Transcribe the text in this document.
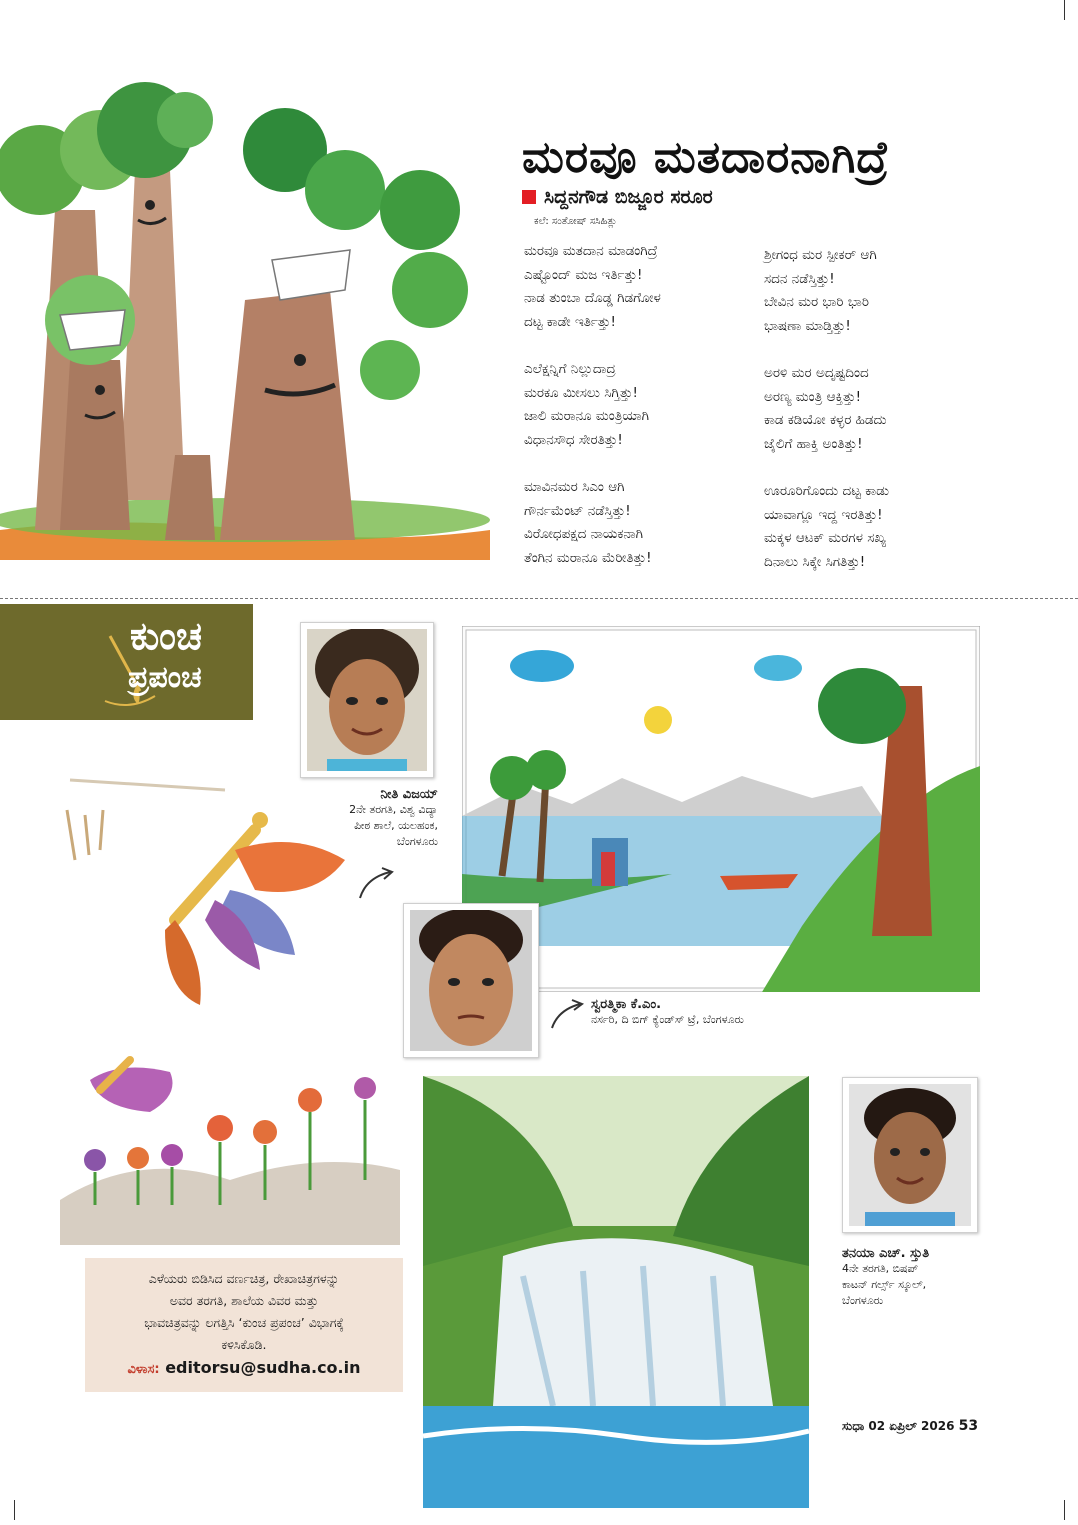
ಮರವೂ ಮತದಾರನಾಗಿದ್ರೆ
ಸಿದ್ದನಗೌಡ ಬಿಜ್ಜೂರ ಸರೂರ
ಕಲೆ: ಸಂತೋಷ್‌ ಸಸಿಹಿತ್ಲು
ಮರವೂ ಮತದಾನ ಮಾಡಂಗಿದ್ರೆ
ಎಷ್ಟೊಂದ್‌ ಮಜ ಇರ್ತಿತ್ತು!
ನಾಡ ತುಂಬಾ ದೊಡ್ಡ ಗಿಡಗೋಳ
ದಟ್ಟ ಕಾಡೇ ಇರ್ತಿತ್ತು!
ಎಲೆಕ್ಷನ್ನಿಗೆ ನಿಲ್ಲುದಾದ್ರ
ಮರಕೂ ಮೀಸಲು ಸಿಗ್ತಿತ್ತು!
ಜಾಲಿ ಮರಾನೂ ಮಂತ್ರಿಯಾಗಿ
ವಿಧಾನಸೌಧ ಸೇರತಿತ್ತು!
ಮಾವಿನಮರ ಸಿಎಂ ಆಗಿ
ಗೌರ್ನಮೆಂಟ್‌ ನಡೆಸ್ತಿತ್ತು!
ವಿರೋಧಪಕ್ಷದ ನಾಯಕನಾಗಿ
ತೆಂಗಿನ ಮರಾನೂ ಮೆರೀತಿತ್ತು!
ಶ್ರೀಗಂಧ ಮರ ಸ್ಪೀಕರ್‌ ಆಗಿ
ಸದನ ನಡೆಸ್ತಿತ್ತು!
ಬೇವಿನ ಮರ ಭಾರಿ ಭಾರಿ
ಭಾಷಣಾ ಮಾಡ್ತಿತ್ತು!
ಅರಳಿ ಮರ ಅದೃಷ್ಟದಿಂದ
ಅರಣ್ಯ ಮಂತ್ರಿ ಆಕ್ತಿತ್ತು!
ಕಾಡ ಕಡಿಯೋ ಕಳ್ಳರ ಹಿಡದು
ಜೈಲಿಗೆ ಹಾಕ್ತಿ ಅಂತಿತ್ತು!
ಊರೂರಿಗೊಂದು ದಟ್ಟ ಕಾಡು
ಯಾವಾಗ್ಲೂ ಇದ್ದ ಇರತಿತ್ತು!
ಮಕ್ಕಳ ಆಟಕ್‌ ಮರಗಳ ಸಖ್ಯ
ದಿನಾಲು ಸಿಕ್ಕೇ ಸಿಗತಿತ್ತು!
ಕುಂಚ
ಪ್ರಪಂಚ
ನೀತಿ ವಿಜಯ್‌
2ನೇ ತರಗತಿ, ವಿಶ್ವ ವಿದ್ಯಾ
ಪೀಠ ಶಾಲೆ, ಯಲಹಂಕ,
ಬೆಂಗಳೂರು
ಸ್ವರತ್ಮಿಕಾ ಕೆ.ಎಂ.
ನರ್ಸರಿ, ದಿ ಬಿಗ್‌ ಕ್ಯೆಂಡ್‌ಸ್‌ ಟ್ರೆ, ಬೆಂಗಳೂರು
ತನಯಾ ಎಚ್‌. ಸ್ತುತಿ
4ನೇ ತರಗತಿ, ಬಿಷಪ್‌
ಕಾಟನ್‌ ಗರ್ಲ್ಸ್‌ ಸ್ಕೂಲ್‌,
ಬೆಂಗಳೂರು
ಎಳೆಯರು ಬಿಡಿಸಿದ ವರ್ಣಚಿತ್ರ, ರೇಖಾಚಿತ್ರಗಳನ್ನು
ಅವರ ತರಗತಿ, ಶಾಲೆಯ ವಿವರ ಮತ್ತು
ಭಾವಚಿತ್ರವನ್ನು ಲಗತ್ತಿಸಿ ‘ಕುಂಚ ಪ್ರಪಂಚ’ ವಿಭಾಗಕ್ಕೆ
ಕಳಿಸಿಕೊಡಿ.
ವಿಳಾಸ: editorsu@sudha.co.in
ಸುಧಾ 02 ಏಪ್ರಿಲ್‌ 2026 53
